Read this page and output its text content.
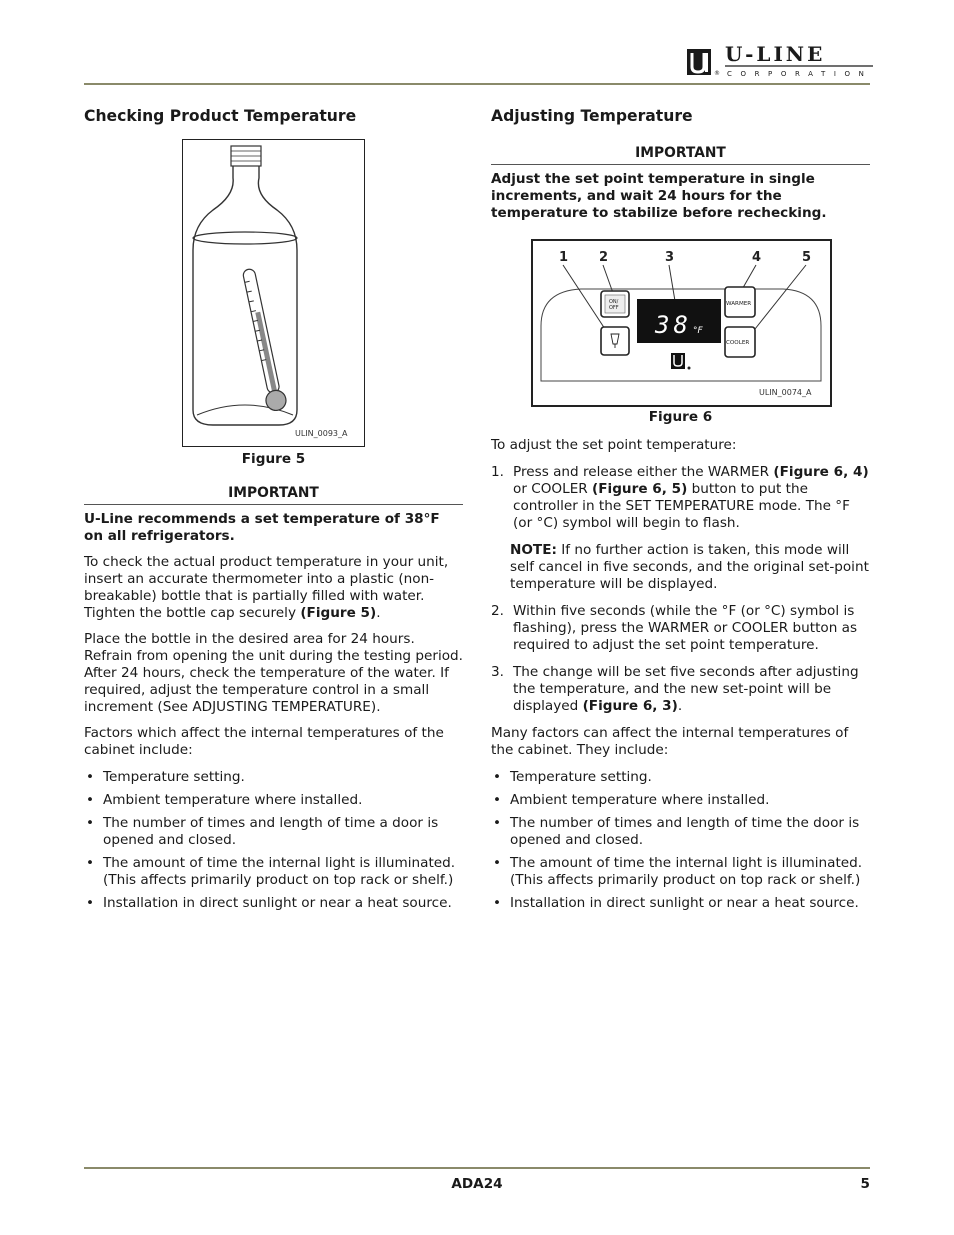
®
U-LINE
CORPORATION
Checking Product Temperature
ULIN_0093_A

Figure 5

IMPORTANT

U-Line recommends a set temperature of 38°F on all refrigerators.

To check the actual product temperature in your unit, insert an accurate thermometer into a plastic (non-breakable) bottle that is partially filled with water. Tighten the bottle cap securely (Figure 5).

Place the bottle in the desired area for 24 hours. Refrain from opening the unit during the testing period. After 24 hours, check the temperature of the water. If required, adjust the temperature control in a small increment (See ADJUSTING TEMPERATURE).

Factors which affect the internal temperatures of the cabinet include:

• Temperature setting.
• Ambient temperature where installed.
• The number of times and length of time a door is opened and closed.
• The amount of time the internal light is illuminated. (This affects primarily product on top rack or shelf.)
• Installation in direct sunlight or near a heat source.
Adjusting Temperature

IMPORTANT

Adjust the set point temperature in single increments, and wait 24 hours for the temperature to stabilize before rechecking.

1 2	3	4	5
ON/
OFF
38 °F
WARMER
COOLER
ULIN_0074_A

Figure 6

To adjust the set point temperature:

1. Press and release either the WARMER (Figure 6, 4) or COOLER (Figure 6, 5) button to put the controller in the SET TEMPERATURE mode. The °F (or °C) symbol will begin to flash.

NOTE: If no further action is taken, this mode will self cancel in five seconds, and the original set-point temperature will be displayed.

2. Within five seconds (while the °F (or °C) symbol is flashing), press the WARMER or COOLER button as required to adjust the set point temperature.
3. The change will be set five seconds after adjusting the temperature, and the new set-point will be displayed (Figure 6, 3).

Many factors can affect the internal temperatures of the cabinet. They include:

• Temperature setting.
• Ambient temperature where installed.
• The number of times and length of time the door is opened and closed.
• The amount of time the internal light is illuminated. (This affects primarily product on top rack or shelf.)
• Installation in direct sunlight or near a heat source.
ADA24	5
